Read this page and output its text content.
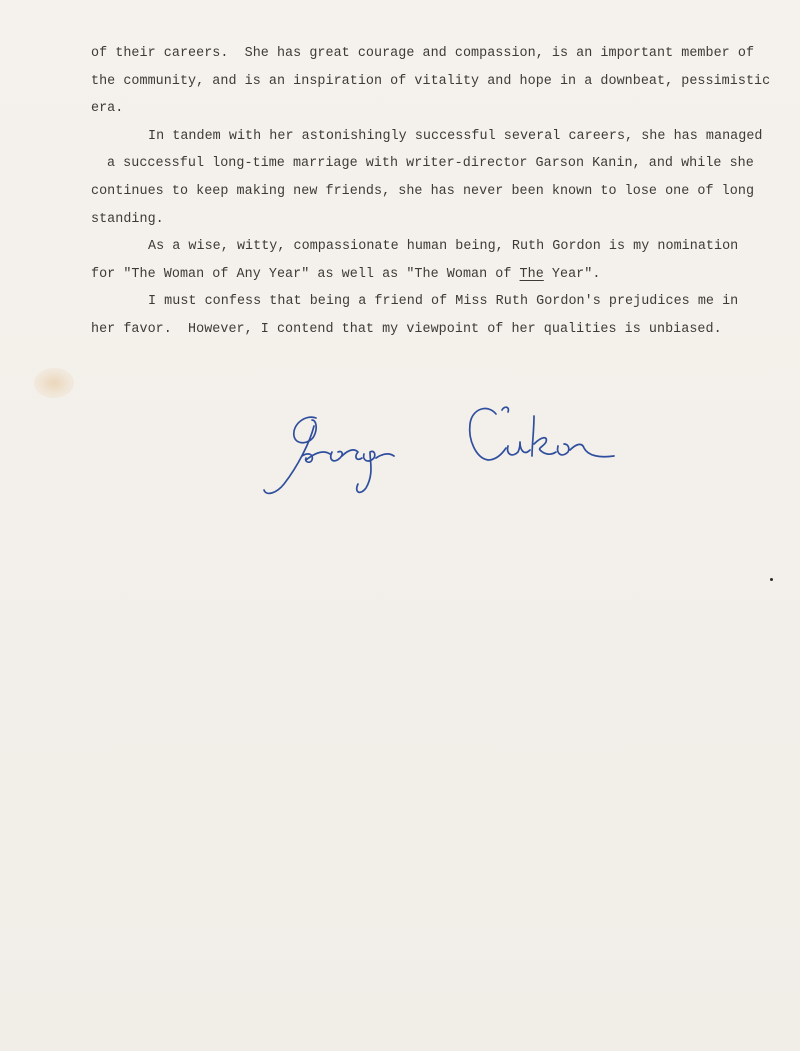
of their careers.  She has great courage and compassion, is an important member of
the community, and is an inspiration of vitality and hope in a downbeat, pessimistic
era.
In tandem with her astonishingly successful several careers, she has managed
a successful long-time marriage with writer-director Garson Kanin, and while she
continues to keep making new friends, she has never been known to lose one of long
standing.
As a wise, witty, compassionate human being, Ruth Gordon is my nomination
for "The Woman of Any Year" as well as "The Woman of The Year".
I must confess that being a friend of Miss Ruth Gordon's prejudices me in
her favor.  However, I contend that my viewpoint of her qualities is unbiased.
